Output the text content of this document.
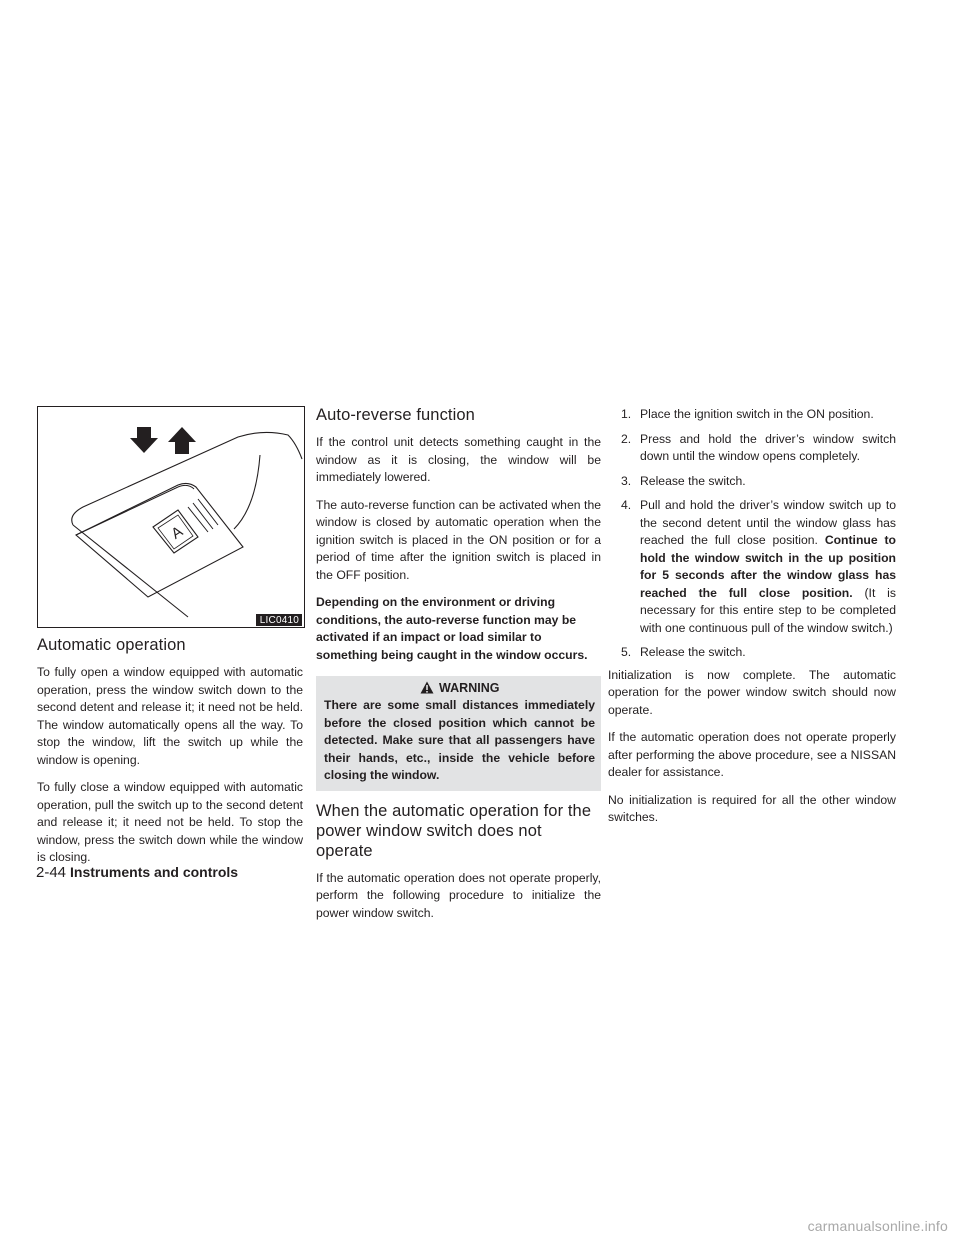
A
LIC0410
Automatic operation

To fully open a window equipped with automatic operation, press the window switch down to the second detent and release it; it need not be held. The window automatically opens all the way. To stop the window, lift the switch up while the window is opening.

To fully close a window equipped with automatic operation, pull the switch up to the second detent and release it; it need not be held. To stop the window, press the switch down while the window is closing.

Auto-reverse function

If the control unit detects something caught in the window as it is closing, the window will be immediately lowered.

The auto-reverse function can be activated when the window is closed by automatic operation when the ignition switch is placed in the ON position or for a period of time after the ignition switch is placed in the OFF position.

Depending on the environment or driving conditions, the auto-reverse function may be activated if an impact or load similar to something being caught in the window occurs.

WARNING

There are some small distances immediately before the closed position which cannot be detected. Make sure that all passengers have their hands, etc., inside the vehicle before closing the window.

When the automatic operation for the power window switch does not operate

If the automatic operation does not operate properly, perform the following procedure to initialize the power window switch.

1. Place the ignition switch in the ON position.
2. Press and hold the driver’s window switch down until the window opens completely.
3. Release the switch.
4. Pull and hold the driver’s window switch up to the second detent until the window glass has reached the full close position. Continue to hold the window switch in the up position for 5 seconds after the window glass has reached the full close position. (It is necessary for this entire step to be completed with one continuous pull of the window switch.)
5. Release the switch.

Initialization is now complete. The automatic operation for the power window switch should now operate.

If the automatic operation does not operate properly after performing the above procedure, see a NISSAN dealer for assistance.

No initialization is required for all the other window switches.

2-44 Instruments and controls
carmanualsonline.info
